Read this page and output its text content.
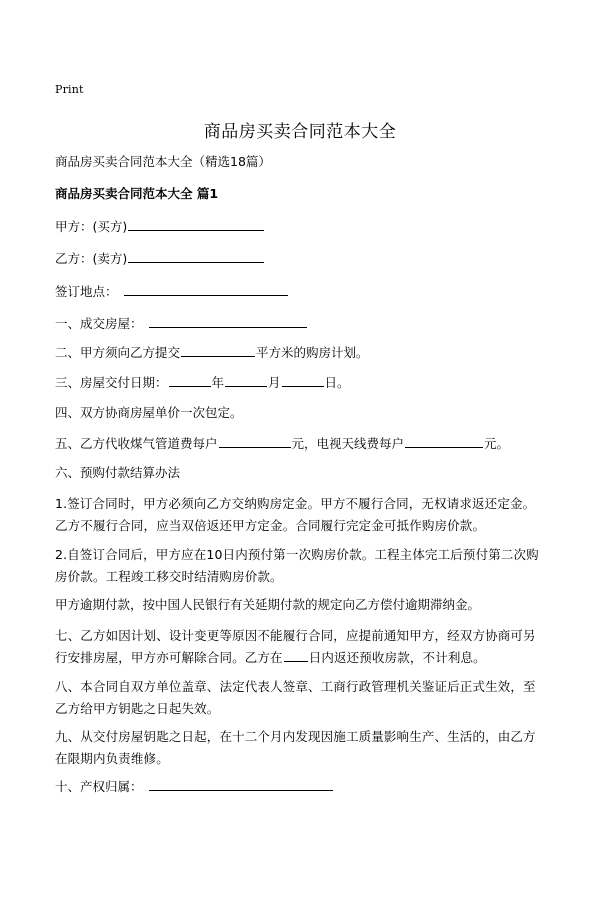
Print
商品房买卖合同范本大全
商品房买卖合同范本大全（精选18篇）
商品房买卖合同范本大全 篇1
甲方：(买方)
乙方：(卖方)
签订地点：
一、成交房屋：
二、甲方须向乙方提交	平方米的购房计划。
三、房屋交付日期：	年	月	日。
四、双方协商房屋单价一次包定。
五、乙方代收煤气管道费每户	元，电视天线费每户	元。
六、预购付款结算办法
1.签订合同时，甲方必须向乙方交纳购房定金。甲方不履行合同，无权请求返还定金。乙方不履行合同，应当双倍返还甲方定金。合同履行完定金可抵作购房价款。
2.自签订合同后，甲方应在10日内预付第一次购房价款。工程主体完工后预付第二次购房价款。工程竣工移交时结清购房价款。
甲方逾期付款，按中国人民银行有关延期付款的规定向乙方偿付逾期滞纳金。
七、乙方如因计划、设计变更等原因不能履行合同，应提前通知甲方，经双方协商可另行安排房屋，甲方亦可解除合同。乙方在 日内返还预收房款，不计利息。
八、本合同自双方单位盖章、法定代表人签章、工商行政管理机关鉴证后正式生效，至乙方给甲方钥匙之日起失效。
九、从交付房屋钥匙之日起，在十二个月内发现因施工质量影响生产、生活的，由乙方在限期内负责维修。
十、产权归属：
